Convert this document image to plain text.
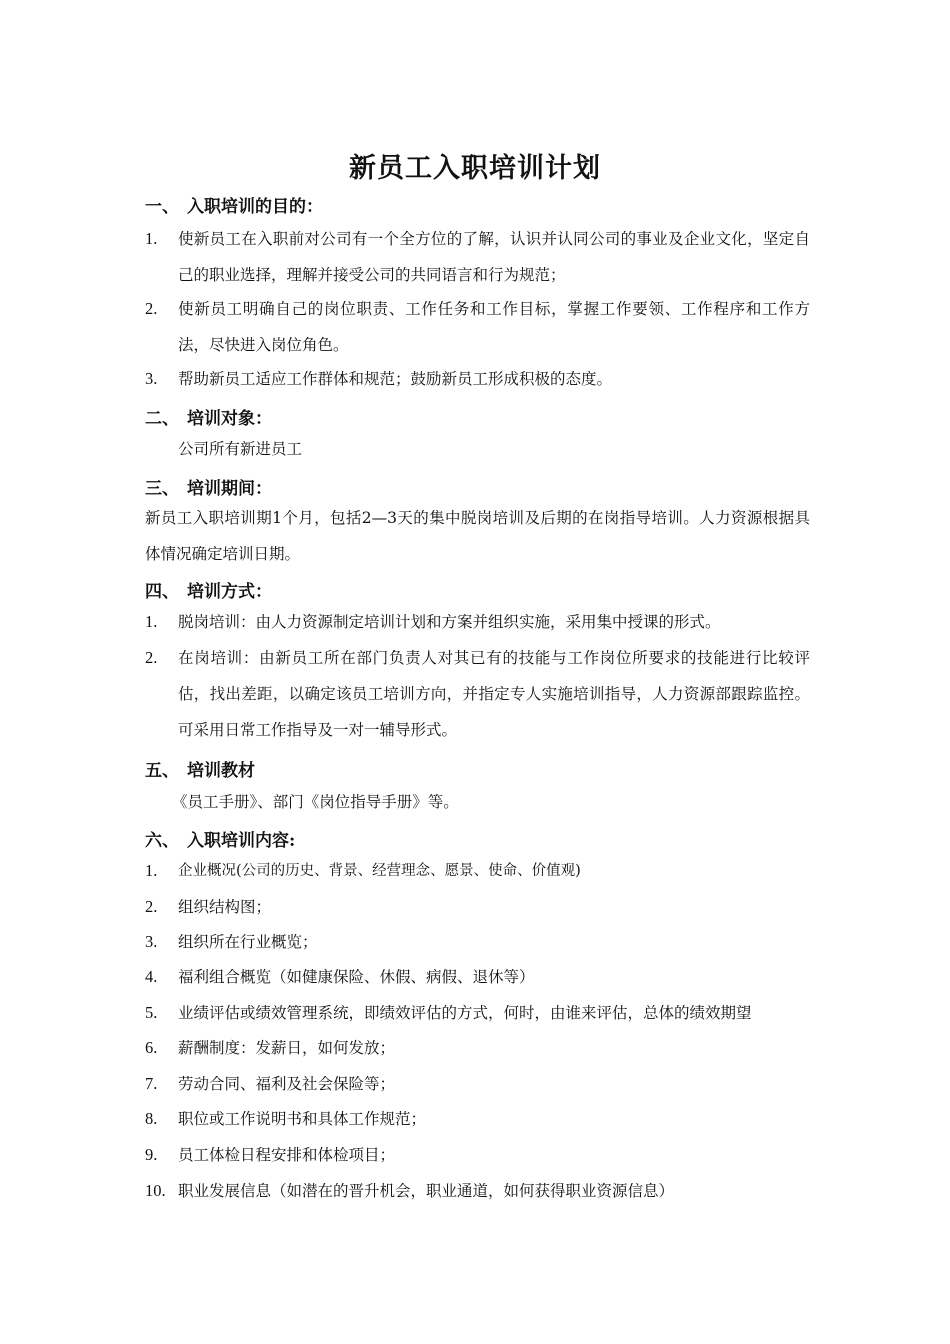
新员工入职培训计划
一、 入职培训的目的：
1. 使新员工在入职前对公司有一个全方位的了解，认识并认同公司的事业及企业文化，坚定自己的职业选择，理解并接受公司的共同语言和行为规范；
2. 使新员工明确自己的岗位职责、工作任务和工作目标，掌握工作要领、工作程序和工作方法，尽快进入岗位角色。
3. 帮助新员工适应工作群体和规范；鼓励新员工形成积极的态度。
二、 培训对象：
公司所有新进员工
三、 培训期间：
新员工入职培训期1个月，包括2—3天的集中脱岗培训及后期的在岗指导培训。人力资源根据具体情况确定培训日期。
四、 培训方式：
1. 脱岗培训：由人力资源制定培训计划和方案并组织实施，采用集中授课的形式。
2. 在岗培训：由新员工所在部门负责人对其已有的技能与工作岗位所要求的技能进行比较评估，找出差距，以确定该员工培训方向，并指定专人实施培训指导，人力资源部跟踪监控。可采用日常工作指导及一对一辅导形式。
五、 培训教材
《员工手册》、部门《岗位指导手册》等。
六、 入职培训内容:
1. 企业概况(公司的历史、背景、经营理念、愿景、使命、价值观)
2. 组织结构图；
3. 组织所在行业概览；
4. 福利组合概览（如健康保险、休假、病假、退休等）
5. 业绩评估或绩效管理系统，即绩效评估的方式，何时，由谁来评估，总体的绩效期望
6. 薪酬制度：发薪日，如何发放；
7. 劳动合同、福利及社会保险等；
8. 职位或工作说明书和具体工作规范；
9. 员工体检日程安排和体检项目；
10. 职业发展信息（如潜在的晋升机会，职业通道，如何获得职业资源信息）
